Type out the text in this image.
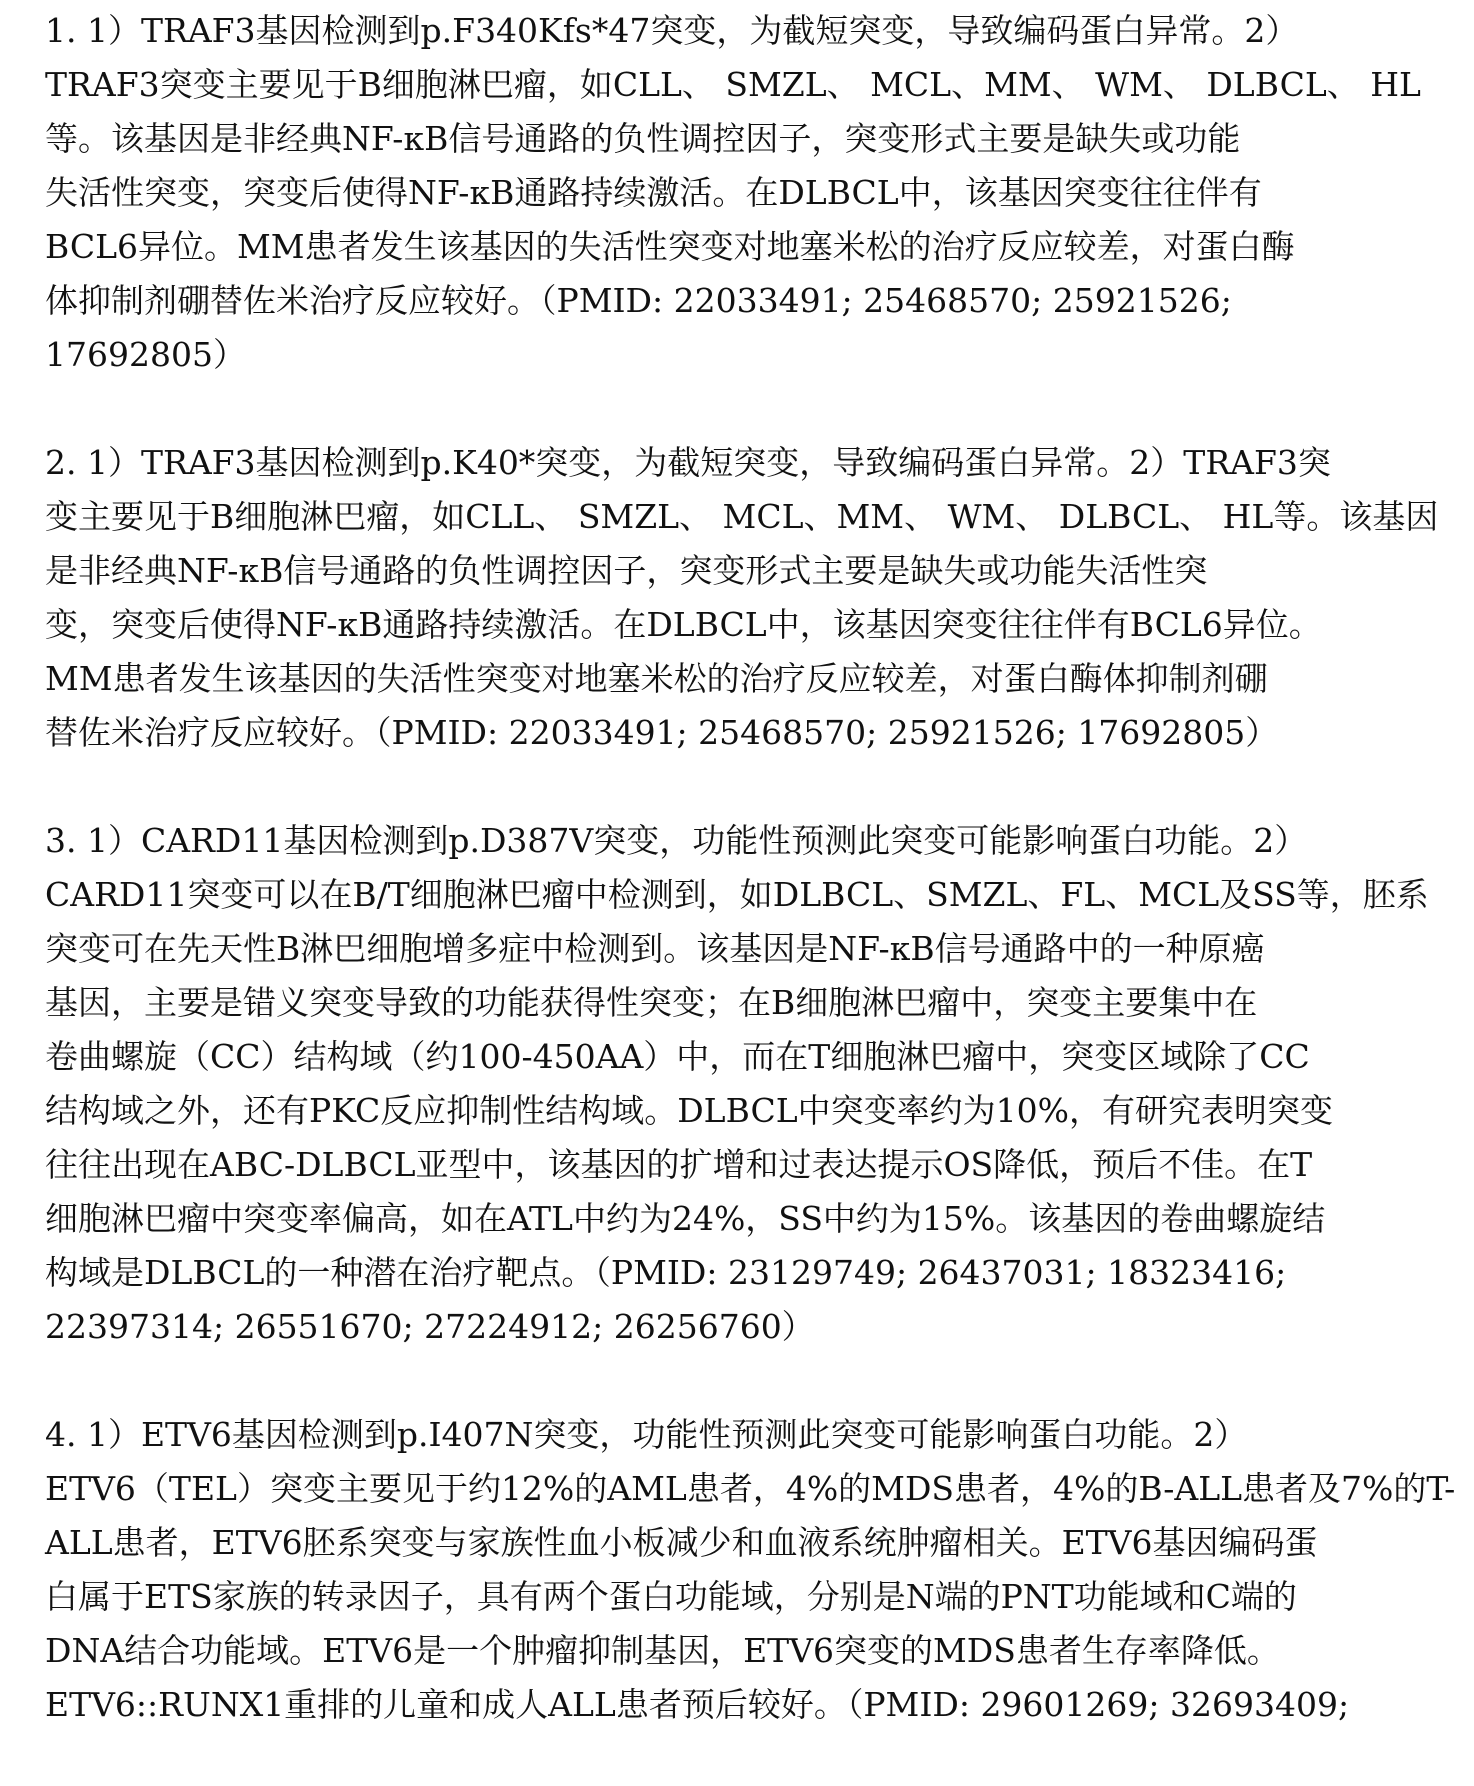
1. 1）TRAF3基因检测到p.F340Kfs*47突变，为截短突变，导致编码蛋白异常。2）
TRAF3突变主要见于B细胞淋巴瘤，如CLL、 SMZL、 MCL、MM、 WM、 DLBCL、 HL
等。该基因是非经典NF-κB信号通路的负性调控因子，突变形式主要是缺失或功能
失活性突变，突变后使得NF-κB通路持续激活。在DLBCL中，该基因突变往往伴有
BCL6异位。MM患者发生该基因的失活性突变对地塞米松的治疗反应较差，对蛋白酶
体抑制剂硼替佐米治疗反应较好。（PMID: 22033491; 25468570; 25921526;
17692805）
2. 1）TRAF3基因检测到p.K40*突变，为截短突变，导致编码蛋白异常。2）TRAF3突
变主要见于B细胞淋巴瘤，如CLL、 SMZL、 MCL、MM、 WM、 DLBCL、 HL等。该基因
是非经典NF-κB信号通路的负性调控因子，突变形式主要是缺失或功能失活性突
变，突变后使得NF-κB通路持续激活。在DLBCL中，该基因突变往往伴有BCL6异位。
MM患者发生该基因的失活性突变对地塞米松的治疗反应较差，对蛋白酶体抑制剂硼
替佐米治疗反应较好。（PMID: 22033491; 25468570; 25921526; 17692805）
3. 1）CARD11基因检测到p.D387V突变，功能性预测此突变可能影响蛋白功能。2）
CARD11突变可以在B/T细胞淋巴瘤中检测到，如DLBCL、SMZL、FL、MCL及SS等，胚系
突变可在先天性B淋巴细胞增多症中检测到。该基因是NF-κB信号通路中的一种原癌
基因，主要是错义突变导致的功能获得性突变；在B细胞淋巴瘤中，突变主要集中在
卷曲螺旋（CC）结构域（约100-450AA）中，而在T细胞淋巴瘤中，突变区域除了CC
结构域之外，还有PKC反应抑制性结构域。DLBCL中突变率约为10%，有研究表明突变
往往出现在ABC-DLBCL亚型中，该基因的扩增和过表达提示OS降低，预后不佳。在T
细胞淋巴瘤中突变率偏高，如在ATL中约为24%，SS中约为15%。该基因的卷曲螺旋结
构域是DLBCL的一种潜在治疗靶点。（PMID: 23129749; 26437031; 18323416;
22397314; 26551670; 27224912; 26256760）
4. 1）ETV6基因检测到p.I407N突变，功能性预测此突变可能影响蛋白功能。2）
ETV6（TEL）突变主要见于约12%的AML患者，4%的MDS患者，4%的B-ALL患者及7%的T-
ALL患者，ETV6胚系突变与家族性血小板减少和血液系统肿瘤相关。ETV6基因编码蛋
白属于ETS家族的转录因子，具有两个蛋白功能域，分别是N端的PNT功能域和C端的
DNA结合功能域。ETV6是一个肿瘤抑制基因，ETV6突变的MDS患者生存率降低。
ETV6::RUNX1重排的儿童和成人ALL患者预后较好。（PMID: 29601269; 32693409;
